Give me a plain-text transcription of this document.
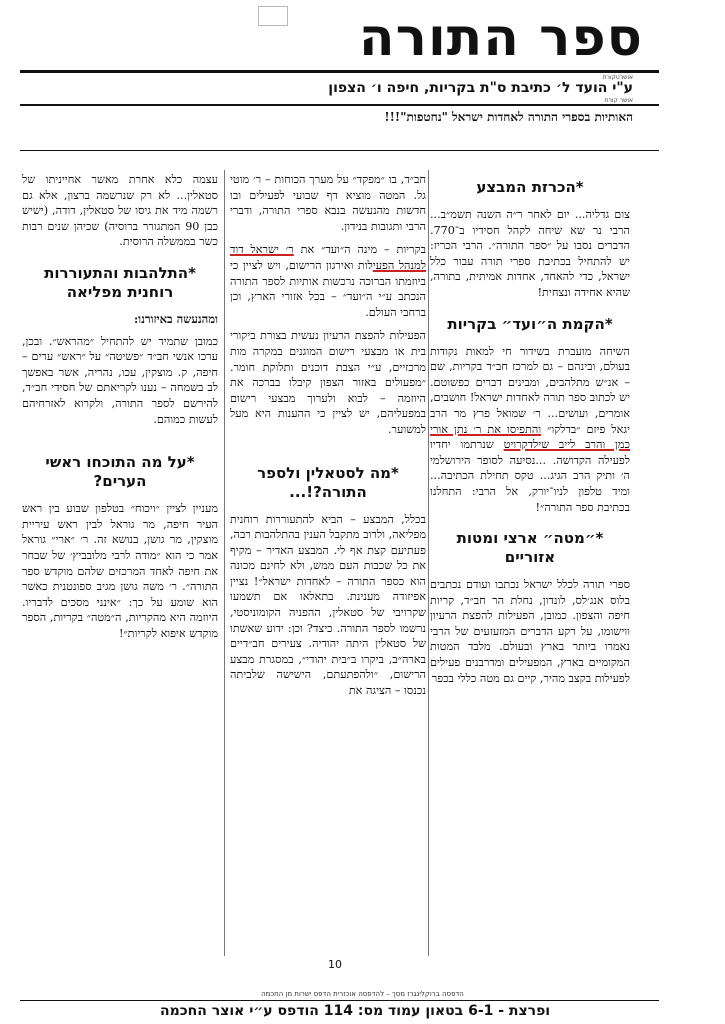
ספר התורה
אושרטקורת
ע"י הועד ל׳ כתיבת ס"ת בקריות, חיפה ו׳ הצפון
אושר קורת
האותיות בספרי התורה לאחדות ישראל "נחטפות"!!!
*הכרזת המבצע

צום גדליה... יום לאחר ר״ה השנה תשמ״ב... הרבי נר שא שיחה לקהל חסידיו ב־770. הדברים נסבו על ״ספר התורה״. הרבי הכריז: יש להתחיל בכתיבת ספרי תורה עבור כלל ישראל, כדי להאחד, אחדות אמיתית, בתורה, שהיא אחידה ונצחית!

*הקמת ה״ועד״ בקריות

השיחה מועברת בשידור חי למאות נקודות בעולם, ובינהם – גם למרכז חב״ד בקריות, שם – אנ״ש מתלהבים, ומבינים דברים כפשוטם. יש לכתוב ספר תורה לאחדות ישראל! חושבים, אומרים, ועושים... ר׳ שמואל פרץ מר הרב יגאל פיזם ״בדלקו״ והתפיסו את ר׳ נתן אורי כמן והרב לייב שילדקרויט שנרתמו יחדיו לפעילה הקדושה. ...נסיעה לסופר הירושלמי ה׳ ותיק הרב הגיג... טקס תחילת הכתיבה... ומיד טלפון לניו־יורק, אל הרבי: התחלנו בכתיבת ספר התורה״!

*״מטה״ ארצי ומטות אזוריים

ספרי תורה לכלל ישראל נכתבו ועודם נכתבים בלוס אנג׳לס, לונדון, נחלת הר חב״ד, קריות חיפה והצפון. כמובן, הפעילות להפצת הרעיון ווישומו, על רקע הדברים המזעזעים של הרבי נאמרו ביותר בארץ ובעולם. מלבד המטות המקומיים בארץ, המפעילים ומדרבנים פעילים לפעילות בקצב מהיר, קיים גם מטה כללי בכפר

חב״ד, בו ״מפקד״ על מערך הכוחות – ר׳ מוטי גל. המטה מוציא דף שבועי לפעילים ובו חדשות מהנעשה בנבא ספרי התורה, ודברי הרבי ותגובות בנידון.

בקריות – מינה ה״ועד״ את ר׳ ישראל דוד למנהל הפעילות ואירגון הרישום, ויש לציין כי ביוזמתו הברוכה נרכשות אותיות לספר התורה הנכתב ע״י ה״ועד״ – בכל אזורי הארץ, וכן ברחבי העולם.

הפעילות להפצת הרעיון נעשית בצורת ביקורי בית או מבצעי רישום המוגנים במקרה מות מרכזיים, ע״י הצבת דוכנים ותלוקת חומר. ״מפעולים באזור הצפון קיבלו בברכה את היוזמה – לבוא ולערוך מבצעי רישום במפעליהם, יש לציין כי ההענות היא מעל למשוער.

*מה לסטאלין ולספר התורה?!...

בכלל, המבצע – הביא להתעוררות רוחנית מפליאה, ולרוב מתקבל הענין בהתלהבות רבה, פעתיעם קצת אף לי. המבצע האדיר – מקיף את כל שכבות העם ממש, ולא לחינם מכונה הוא כספר התורה – לאחדות ישראל״! נציין אפיזודה מענינת. בתאלאו אם תשמעו שקרויבי של סטאלין, ההפניה הקומוניסטי, נרשמו לספר התורה. כיצד? וכן: ידוע שאשתו של סטאלין היתה יהודיה. צעירים חב״דיים בארה״ב, ביקרו ב״בית יהודי״, במסגרת מבצע הרישום, ״ולהפתעתם, הישישה שלביתה נכנסו – הציגה את

עצמה כלא אחרת מאשר אחייניתו של סטאלין... לא רק שנרשמה ברצון, אלא גם רשמה מיד את גיסו של סטאלין, דודה, (ישיש כבן 90 המתגורר ברוסיה) שכיהן שנים רבות כשר בממשלה הרוסית.

*התלהבות והתעוררות רוחנית מפליאה
ומהנעשה באיזורנו:

כמובן שתמיד יש להתחיל ״מהראש״. ובכן, ערכו אנשי חב״ד ״פשיטה״ על ״ראש״ ערים – חיפה, ק. מוצקין, עכו, נהריה, אשר באפשך לב בשמחה – נענו לקריאתם של חסידי חב״ד, להירשם לספר התורה, ולקרוא לאזרחיהם לעשות כמוהם.

*על מה התוכחו ראשי הערים?

מעניין לציין ״ויכוח״ בטלפון שבוע בין ראש העיר חיפה, מר גוראל לבין ראש עיריית מוצקין, מר גושן, בנושא זה. ר׳ ״ארי״ גוראל אמר כי הוא ״מודה לרבי מלובביץ׳ של שבחר את חיפה לאחד המרכזים שלהם מוקדש ספר התורה״. ר׳ משה גושן מגיב ספונטנית כאשר הוא שומע על כך: ״אינני מסכים לדבריו. היוזמה היא מהקריות, ה״מטה״ בקריות, הספר מוקדש איפוא לקריות״!

10
הדפסה ברוקלינגרז מסך – להדפסה אוכזרית הדפס ישרות מן החכמה
ופרצת - 6-1 בטאון עמוד מס: 114 הודפס ע״י אוצר החכמה
